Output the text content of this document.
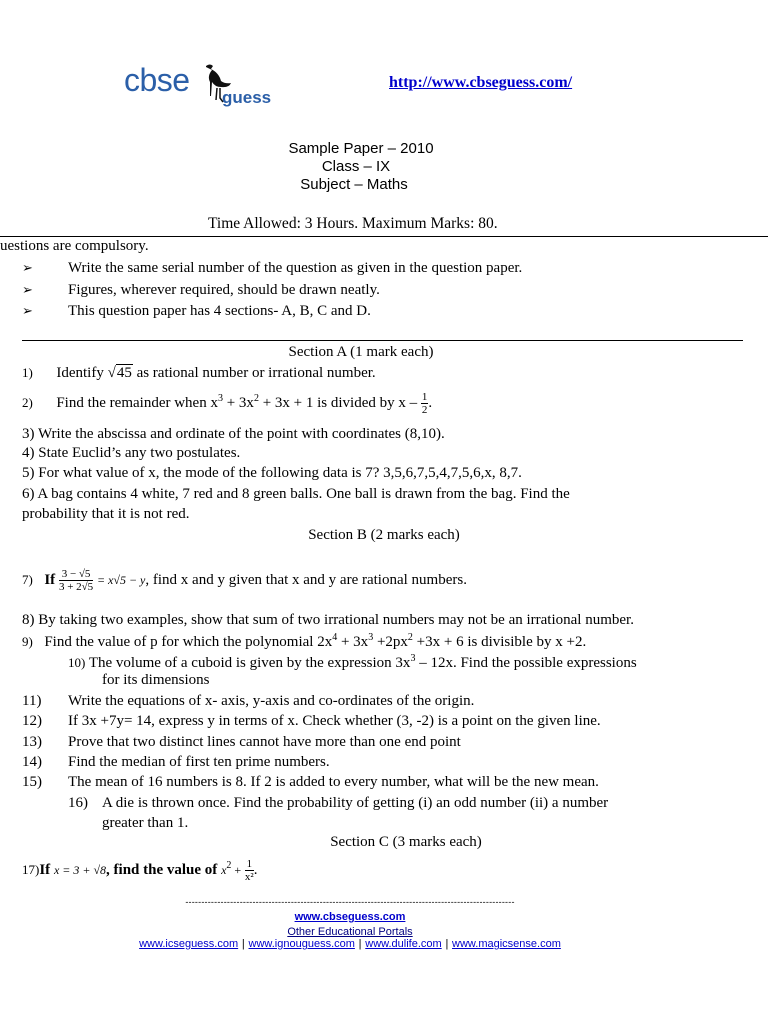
cbse guess
http://www.cbseguess.com/
Sample Paper – 2010
Class – IX
Subject – Maths
Time Allowed: 3 Hours. Maximum Marks: 80.
uestions are compulsory.
➢ Write the same serial number of the question as given in the question paper.
➢ Figures, wherever required, should be drawn neatly.
➢ This question paper has 4 sections- A, B, C and D.
Section A (1 mark each)
1) Identify √45 as rational number or irrational number.
2) Find the remainder when $x^3 + 3x^2 + 3x + 1$ is divided by x – $\frac{1}{2}$ .
3) Write the abscissa and ordinate of the point with coordinates (8,10).
4) State Euclid’s any two postulates.
5) For what value of x, the mode of the following data is 7? 3,5,6,7,5,4,7,5,6,x, 8,7.
6) A bag contains 4 white, 7 red and 8 green balls. One ball is drawn from the bag. Find the
probability that it is not red.
Section B (2 marks each)
7) If $\frac{3 - √5}{3 + 2√5} = x√5 - y$, find x and y given that x and y are rational numbers.
8) By taking two examples, show that sum of two irrational numbers may not be an irrational number.
9) Find the value of p for which the polynomial $2x^4 + 3x^3 +2px^2 +3x + 6$ is divisible by x +2.
10) The volume of a cuboid is given by the expression $3x^3 - 12x$. Find the possible expressions
for its dimensions
11) Write the equations of x- axis, y-axis and co-ordinates of the origin.
12) If 3x +7y= 14, express y in terms of x. Check whether (3, -2) is a point on the given line.
13) Prove that two distinct lines cannot have more than one end point
14) Find the median of first ten prime numbers.
15) The mean of 16 numbers is 8. If 2 is added to every number, what will be the new mean.
16) A die is thrown once. Find the probability of getting (i) an odd number (ii) a number
greater than 1.
Section C (3 marks each)
17)If x = 3 + √8, find the value of $x^2 + \frac{1}{\text{x²}}$ .
-------------------------------------------------------------------------------------------------------
www.cbseguess.com
Other Educational Portals
www.icseguess.com | www.ignouguess.com | www.dulife.com | www.magicsense.com
